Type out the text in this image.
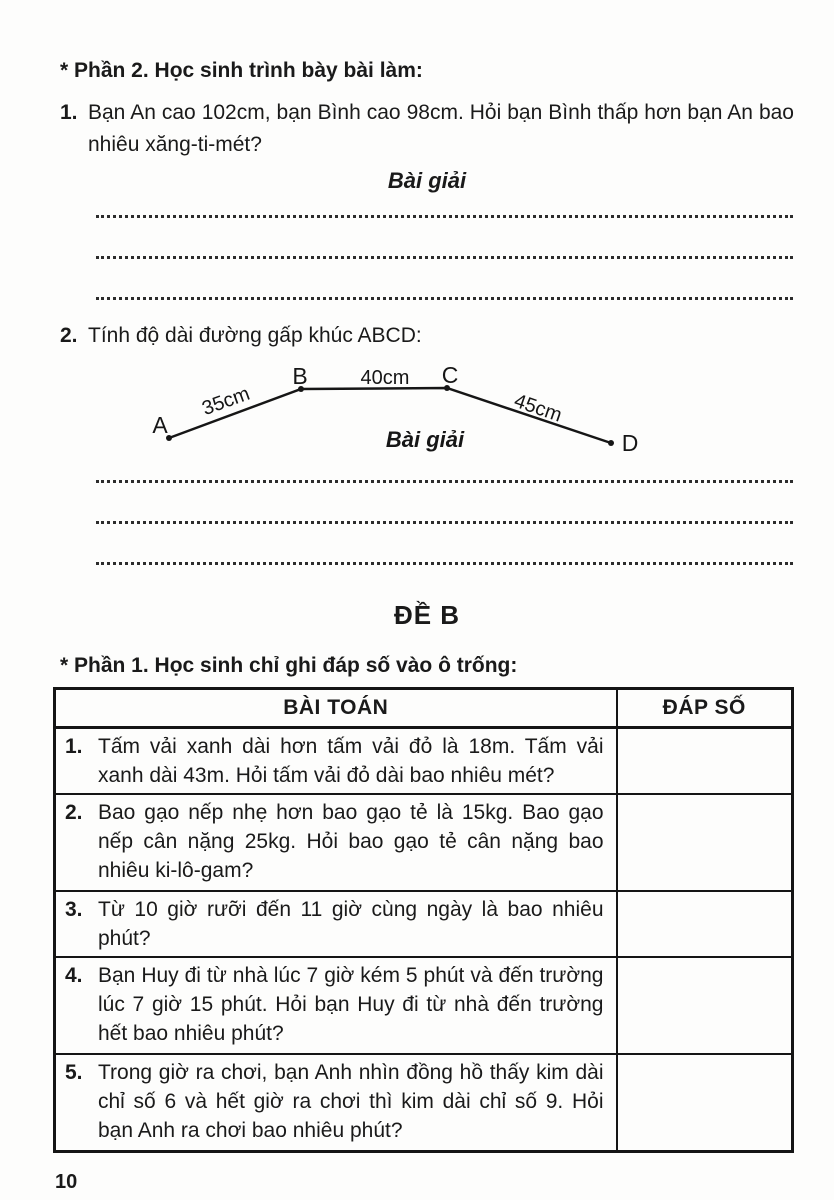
* Phần 2. Học sinh trình bày bài làm:

1. Bạn An cao 102cm, bạn Bình cao 98cm. Hỏi bạn Bình thấp hơn bạn An bao nhiêu xăng-ti-mét?

Bài giải

2. Tính độ dài đường gấp khúc ABCD:

A
B	C
D
35cm
40cm
45cm
Bài giải
ĐỀ B
* Phần 1. Học sinh chỉ ghi đáp số vào ô trống:
BÀI TOÁN	ĐÁP SỐ

1. Tấm vải xanh dài hơn tấm vải đỏ là 18m. Tấm vải xanh dài 43m. Hỏi tấm vải đỏ dài bao nhiêu mét?	

2. Bao gạo nếp nhẹ hơn bao gạo tẻ là 15kg. Bao gạo nếp cân nặng 25kg. Hỏi bao gạo tẻ cân nặng bao nhiêu ki-lô-gam?	

3. Từ 10 giờ rưỡi đến 11 giờ cùng ngày là bao nhiêu phút?	

4. Bạn Huy đi từ nhà lúc 7 giờ kém 5 phút và đến trường lúc 7 giờ 15 phút. Hỏi bạn Huy đi từ nhà đến trường hết bao nhiêu phút?	

5. Trong giờ ra chơi, bạn Anh nhìn đồng hồ thấy kim dài chỉ số 6 và hết giờ ra chơi thì kim dài chỉ số 9. Hỏi bạn Anh ra chơi bao nhiêu phút?	
10
